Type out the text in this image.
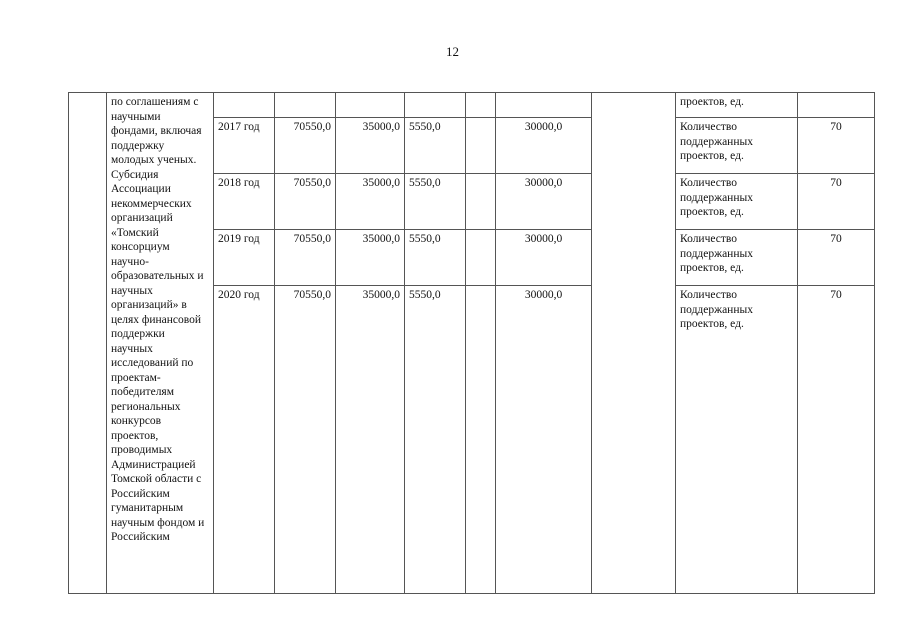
12
	по соглашениям с научными фондами, включая поддержку молодых ученых. Субсидия Ассоциации некоммерческих организаций «Томский консорциум научно-образовательных и научных организаций» в целях финансовой поддержки научных исследований по проектам-победителям региональных конкурсов проектов, проводимых Администрацией Томской области с Российским гуманитарным научным фондом и Российским								проектов, ед.	
		2017 год	70550,0	35000,0	5550,0		30000,0		Количество поддержанных проектов, ед.	70
		2018 год	70550,0	35000,0	5550,0		30000,0		Количество поддержанных проектов, ед.	70
		2019 год	70550,0	35000,0	5550,0		30000,0		Количество поддержанных проектов, ед.	70
		2020 год	70550,0	35000,0	5550,0		30000,0		Количество поддержанных проектов, ед.	70
